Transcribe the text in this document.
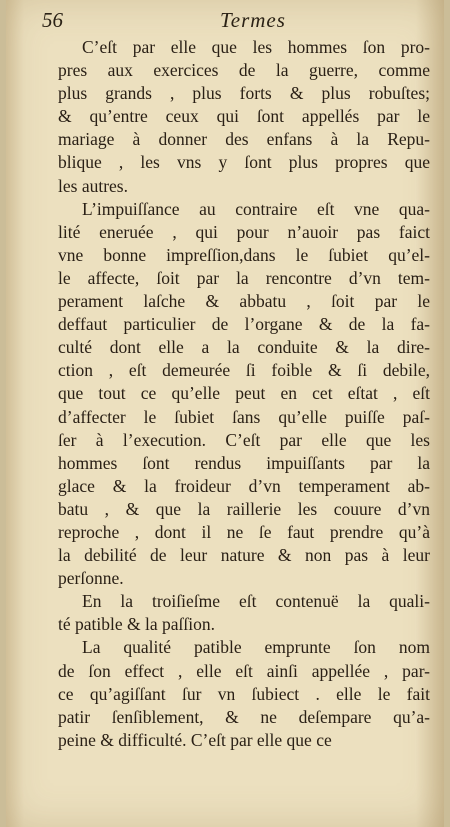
56	Termes
C’eſt par elle que les hommes ſon pro-
pres aux exercices de la guerre, comme
plus grands , plus forts & plus robuſtes;
& qu’entre ceux qui ſont appellés par le
mariage à donner des enfans à la Repu-
blique , les vns y ſont plus propres que
les autres.
L’impuiſſance au contraire eſt vne qua-
lité eneruée , qui pour n’auoir pas faict
vne bonne impreſſion,dans le ſubiet qu’el-
le affecte, ſoit par la rencontre d’vn tem-
perament laſche & abbatu , ſoit par le
deffaut particulier de l’organe & de la fa-
culté dont elle a la conduite & la dire-
ction , eſt demeurée ſi foible & ſi debile,
que tout ce qu’elle peut en cet eſtat , eſt
d’affecter le ſubiet ſans qu’elle puiſſe paſ-
ſer à l’execution. C’eſt par elle que les
hommes ſont rendus impuiſſants par la
glace & la froideur d’vn temperament ab-
batu , & que la raillerie les couure d’vn
reproche , dont il ne ſe faut prendre qu’à
la debilité de leur nature & non pas à leur
perſonne.
En la troiſieſme eſt contenuë la quali-
té patible & la paſſion.
La qualité patible emprunte ſon nom
de ſon effect , elle eſt ainſi appellée , par-
ce qu’agiſſant ſur vn ſubiect . elle le fait
patir ſenſiblement, & ne deſempare qu’a-
peine & difficulté. C’eſt par elle que ce
